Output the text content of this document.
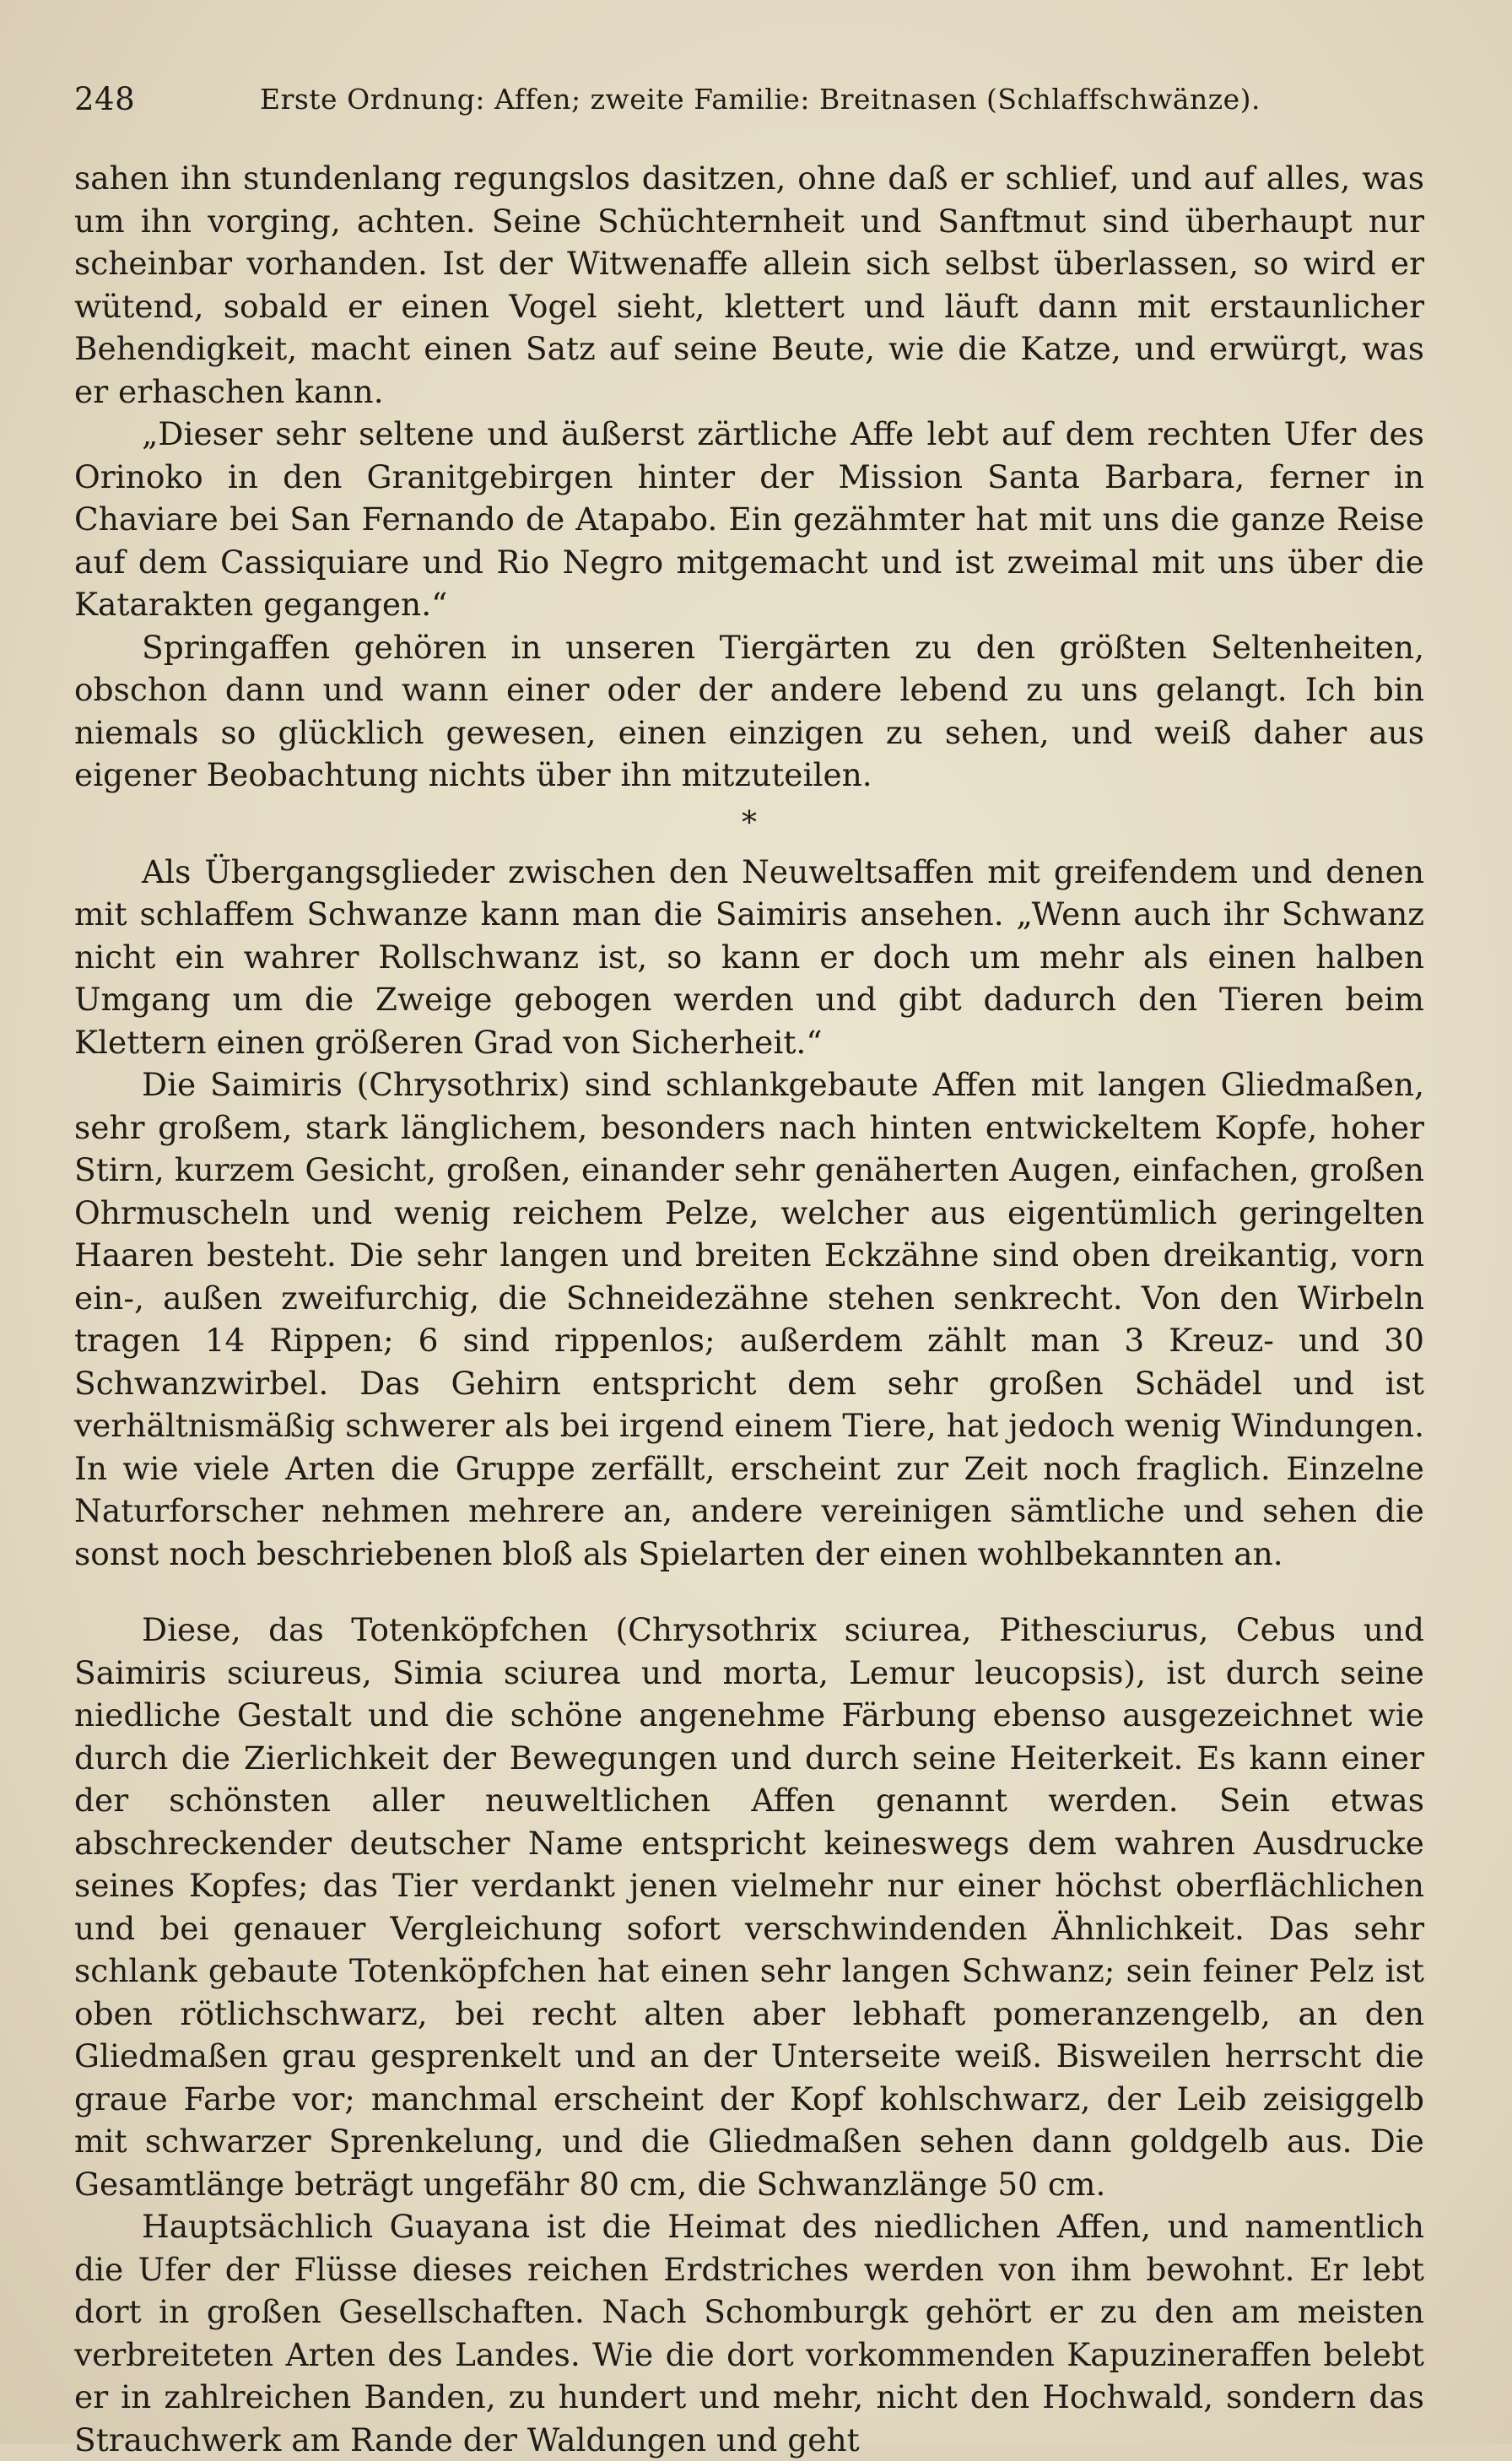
248	Erste Ordnung: Affen; zweite Familie: Breitnasen (Schlaffschwänze).

sahen ihn stundenlang regungslos dasitzen, ohne daß er schlief, und auf alles, was um ihn vorging, achten. Seine Schüchternheit und Sanftmut sind überhaupt nur scheinbar vorhanden. Ist der Witwenaffe allein sich selbst überlassen, so wird er wütend, sobald er einen Vogel sieht, klettert und läuft dann mit erstaunlicher Behendigkeit, macht einen Satz auf seine Beute, wie die Katze, und erwürgt, was er erhaschen kann.

„Dieser sehr seltene und äußerst zärtliche Affe lebt auf dem rechten Ufer des Orinoko in den Granitgebirgen hinter der Mission Santa Barbara, ferner in Chaviare bei San Fernando de Atapabo. Ein gezähmter hat mit uns die ganze Reise auf dem Cassiquiare und Rio Negro mitgemacht und ist zweimal mit uns über die Katarakten gegangen.“

Springaffen gehören in unseren Tiergärten zu den größten Seltenheiten, obschon dann und wann einer oder der andere lebend zu uns gelangt. Ich bin niemals so glücklich gewesen, einen einzigen zu sehen, und weiß daher aus eigener Beobachtung nichts über ihn mitzuteilen.

*

Als Übergangsglieder zwischen den Neuweltsaffen mit greifendem und denen mit schlaffem Schwanze kann man die Saimiris ansehen. „Wenn auch ihr Schwanz nicht ein wahrer Rollschwanz ist, so kann er doch um mehr als einen halben Umgang um die Zweige gebogen werden und gibt dadurch den Tieren beim Klettern einen größeren Grad von Sicherheit.“

Die Saimiris (Chrysothrix) sind schlankgebaute Affen mit langen Gliedmaßen, sehr großem, stark länglichem, besonders nach hinten entwickeltem Kopfe, hoher Stirn, kurzem Gesicht, großen, einander sehr genäherten Augen, einfachen, großen Ohrmuscheln und wenig reichem Pelze, welcher aus eigentümlich geringelten Haaren besteht. Die sehr langen und breiten Eckzähne sind oben dreikantig, vorn ein-, außen zweifurchig, die Schneidezähne stehen senkrecht. Von den Wirbeln tragen 14 Rippen; 6 sind rippenlos; außerdem zählt man 3 Kreuz- und 30 Schwanzwirbel. Das Gehirn entspricht dem sehr großen Schädel und ist verhältnismäßig schwerer als bei irgend einem Tiere, hat jedoch wenig Windungen. In wie viele Arten die Gruppe zerfällt, erscheint zur Zeit noch fraglich. Einzelne Naturforscher nehmen mehrere an, andere vereinigen sämtliche und sehen die sonst noch beschriebenen bloß als Spielarten der einen wohlbekannten an.

Diese, das Totenköpfchen (Chrysothrix sciurea, Pithesciurus, Cebus und Saimiris sciureus, Simia sciurea und morta, Lemur leucopsis), ist durch seine niedliche Gestalt und die schöne angenehme Färbung ebenso ausgezeichnet wie durch die Zierlichkeit der Bewegungen und durch seine Heiterkeit. Es kann einer der schönsten aller neuweltlichen Affen genannt werden. Sein etwas abschreckender deutscher Name entspricht keineswegs dem wahren Ausdrucke seines Kopfes; das Tier verdankt jenen vielmehr nur einer höchst oberflächlichen und bei genauer Vergleichung sofort verschwindenden Ähnlichkeit. Das sehr schlank gebaute Totenköpfchen hat einen sehr langen Schwanz; sein feiner Pelz ist oben rötlichschwarz, bei recht alten aber lebhaft pomeranzengelb, an den Gliedmaßen grau gesprenkelt und an der Unterseite weiß. Bisweilen herrscht die graue Farbe vor; manchmal erscheint der Kopf kohlschwarz, der Leib zeisiggelb mit schwarzer Sprenkelung, und die Gliedmaßen sehen dann goldgelb aus. Die Gesamtlänge beträgt ungefähr 80 cm, die Schwanzlänge 50 cm.

Hauptsächlich Guayana ist die Heimat des niedlichen Affen, und namentlich die Ufer der Flüsse dieses reichen Erdstriches werden von ihm bewohnt. Er lebt dort in großen Gesellschaften. Nach Schomburgk gehört er zu den am meisten verbreiteten Arten des Landes. Wie die dort vorkommenden Kapuzineraffen belebt er in zahlreichen Banden, zu hundert und mehr, nicht den Hochwald, sondern das Strauchwerk am Rande der Waldungen und geht
